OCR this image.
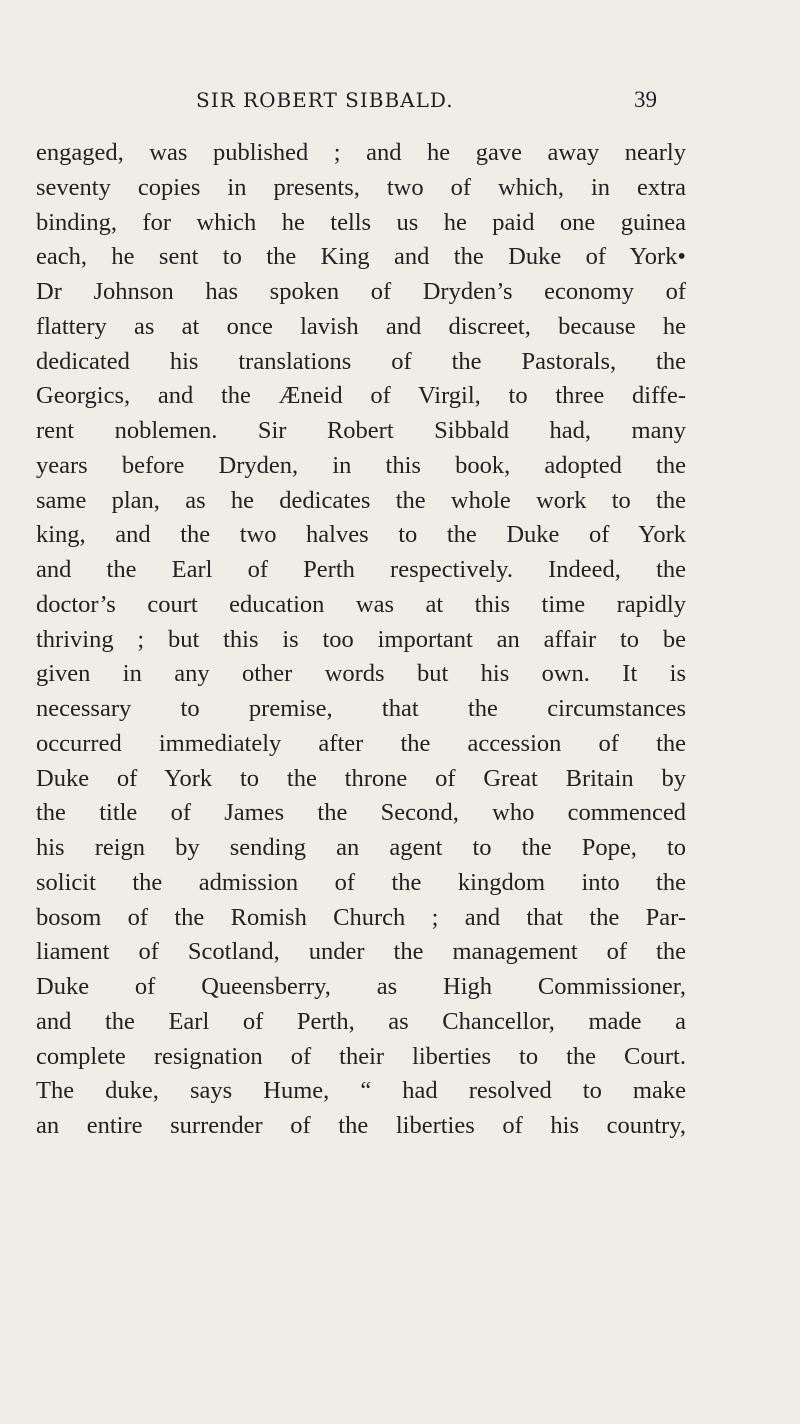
SIR ROBERT SIBBALD.	39
engaged, was published ; and he gave away nearly
seventy copies in presents, two of which, in extra
binding, for which he tells us he paid one guinea
each, he sent to the King and the Duke of York•
Dr Johnson has spoken of Dryden’s economy of
flattery as at once lavish and discreet, because he
dedicated his translations of the Pastorals, the
Georgics, and the Æneid of Virgil, to three diffe-
rent noblemen. Sir Robert Sibbald had, many
years before Dryden, in this book, adopted the
same plan, as he dedicates the whole work to the
king, and the two halves to the Duke of York
and the Earl of Perth respectively. Indeed, the
doctor’s court education was at this time rapidly
thriving ; but this is too important an affair to be
given in any other words but his own. It is
necessary to premise, that the circumstances
occurred immediately after the accession of the
Duke of York to the throne of Great Britain by
the title of James the Second, who commenced
his reign by sending an agent to the Pope, to
solicit the admission of the kingdom into the
bosom of the Romish Church ; and that the Par-
liament of Scotland, under the management of the
Duke of Queensberry, as High Commissioner,
and the Earl of Perth, as Chancellor, made a
complete resignation of their liberties to the Court.
The duke, says Hume, “ had resolved to make
an entire surrender of the liberties of his country,
